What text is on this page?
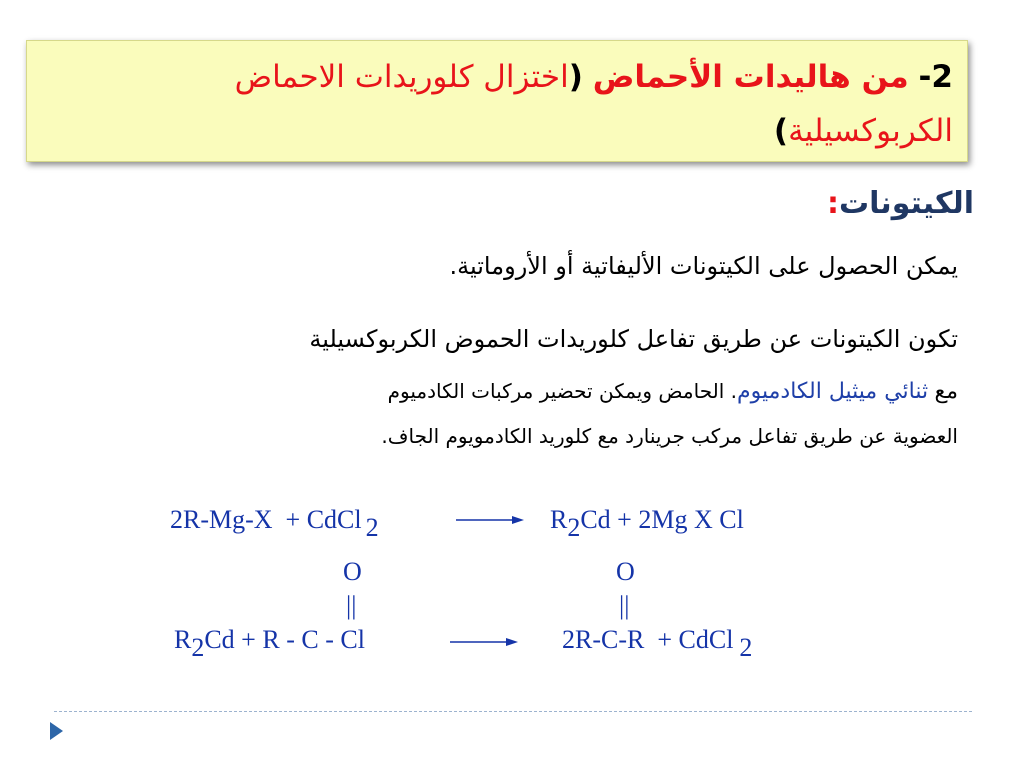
2- من هاليدات الأحماض (اختزال كلوريدات الاحماض
الكربوكسيلية)
الكيتونات:
يمكن الحصول على الكيتونات الأليفاتية أو الأروماتية.
تكون الكيتونات عن طريق تفاعل كلوريدات الحموض الكربوكسيلية
مع ثنائي ميثيل الكادميوم. الحامض ويمكن تحضير مركبات الكادميوم
العضوية عن طريق تفاعل مركب جرينارد مع كلوريد الكادمويوم الجاف.
2R-Mg-X  + CdCl 2	R2Cd + 2Mg X Cl
O
||
O
||
R2Cd + R - C - Cl	2R-C-R  + CdCl 2
